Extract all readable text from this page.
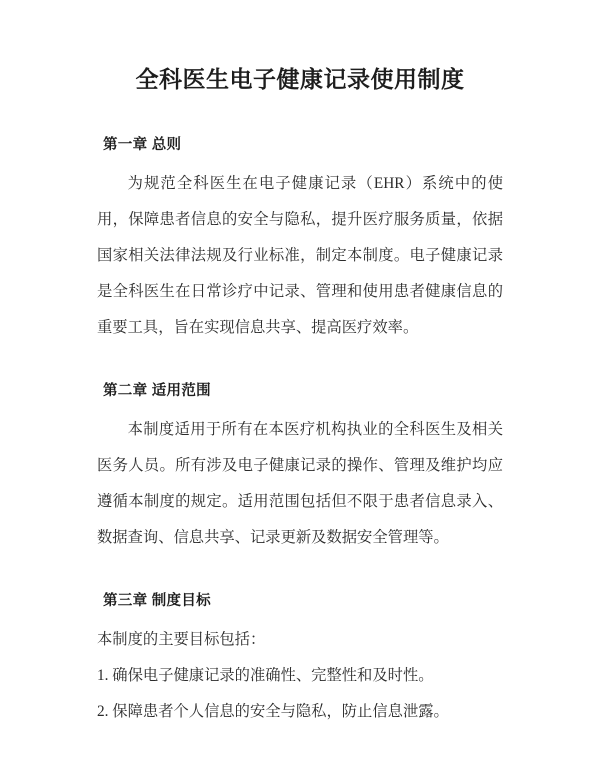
全科医生电子健康记录使用制度
第一章 总则

为规范全科医生在电子健康记录（EHR）系统中的使用，保障患者信息的安全与隐私，提升医疗服务质量，依据国家相关法律法规及行业标准，制定本制度。电子健康记录是全科医生在日常诊疗中记录、管理和使用患者健康信息的重要工具，旨在实现信息共享、提高医疗效率。

第二章 适用范围

本制度适用于所有在本医疗机构执业的全科医生及相关医务人员。所有涉及电子健康记录的操作、管理及维护均应遵循本制度的规定。适用范围包括但不限于患者信息录入、数据查询、信息共享、记录更新及数据安全管理等。

第三章 制度目标

本制度的主要目标包括：

1. 确保电子健康记录的准确性、完整性和及时性。

2. 保障患者个人信息的安全与隐私，防止信息泄露。
